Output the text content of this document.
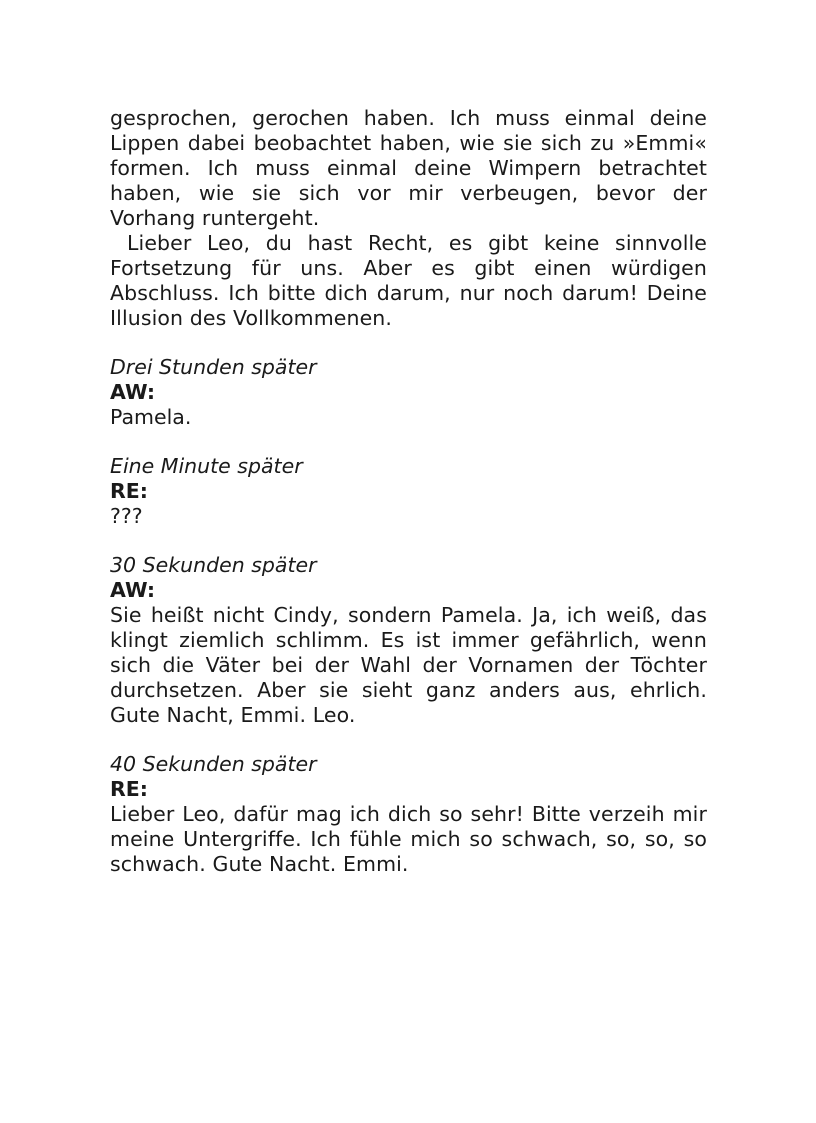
gesprochen, gerochen haben. Ich muss einmal deine Lippen dabei beobachtet haben, wie sie sich zu »Emmi« formen. Ich muss einmal deine Wimpern betrachtet haben, wie sie sich vor mir verbeugen, bevor der Vorhang runtergeht.

Lieber Leo, du hast Recht, es gibt keine sinnvolle Fortsetzung für uns. Aber es gibt einen würdigen Abschluss. Ich bitte dich darum, nur noch darum! Deine Illusion des Vollkommenen.

Drei Stunden später

AW:

Pamela.

Eine Minute später

RE:

???

30 Sekunden später

AW:

Sie heißt nicht Cindy, sondern Pamela. Ja, ich weiß, das klingt ziemlich schlimm. Es ist immer gefährlich, wenn sich die Väter bei der Wahl der Vornamen der Töchter durchsetzen. Aber sie sieht ganz anders aus, ehrlich. Gute Nacht, Emmi. Leo.

40 Sekunden später

RE:

Lieber Leo, dafür mag ich dich so sehr! Bitte verzeih mir meine Untergriffe. Ich fühle mich so schwach, so, so, so schwach. Gute Nacht. Emmi.
